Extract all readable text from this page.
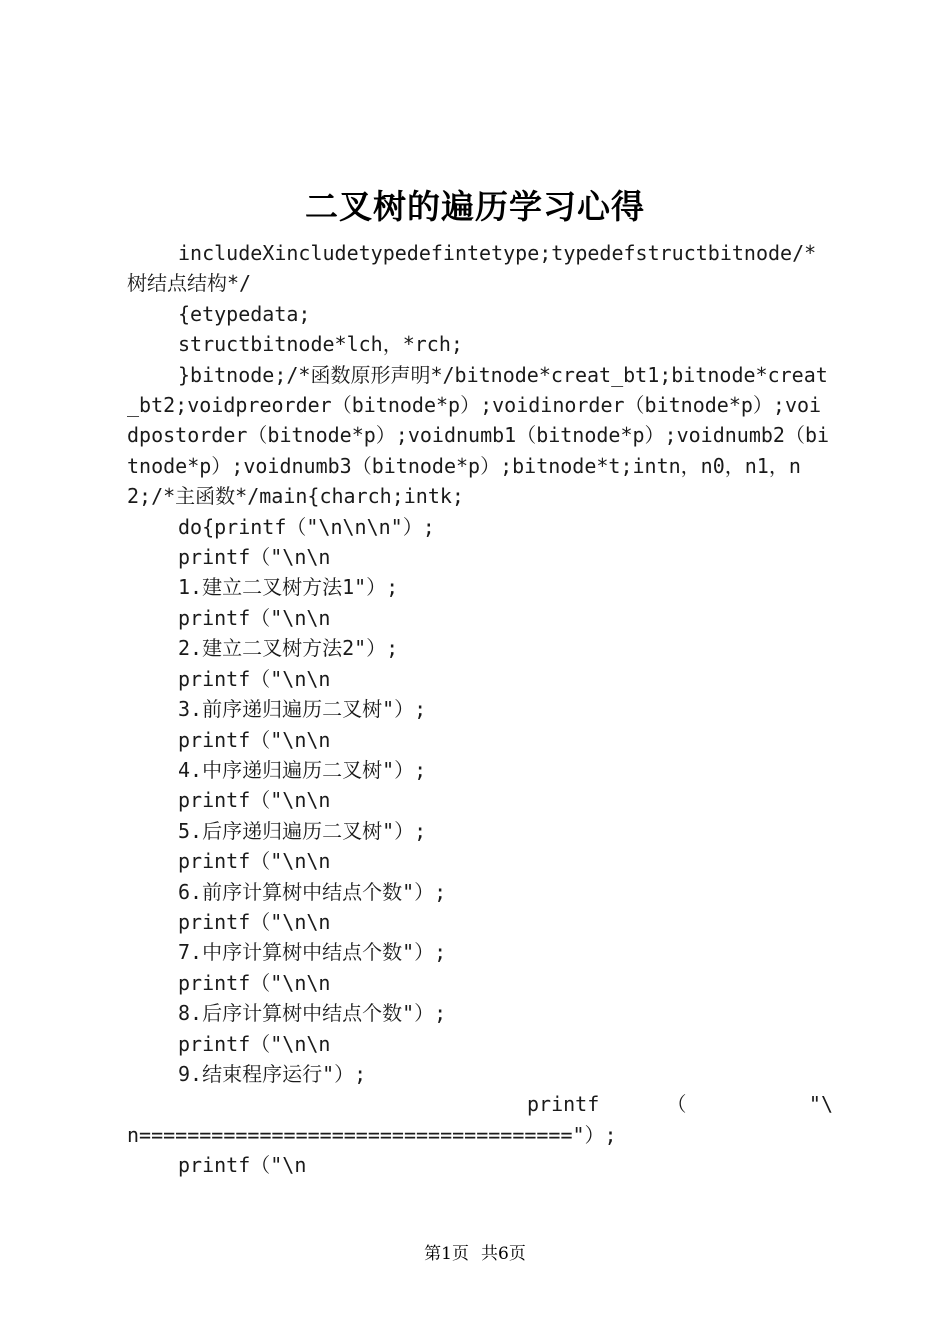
二叉树的遍历学习心得

includeXincludetypedefintetype;typedefstructbitnode/*树结点结构*/

{etypedata;

structbitnode*lch，*rch;

}bitnode;/*函数原形声明*/bitnode*creat_bt1;bitnode*creat_bt2;voidpreorder（bitnode*p）;voidinorder（bitnode*p）;voidpostorder（bitnode*p）;voidnumb1（bitnode*p）;voidnumb2（bitnode*p）;voidnumb3（bitnode*p）;bitnode*t;intn，n0，n1，n2;/*主函数*/main{charch;intk;

do{printf（"\n\n\n"）;

printf（"\n\n

1.建立二叉树方法1"）;

printf（"\n\n

2.建立二叉树方法2"）;

printf（"\n\n

3.前序递归遍历二叉树"）;

printf（"\n\n

4.中序递归遍历二叉树"）;

printf（"\n\n

5.后序递归遍历二叉树"）;

printf（"\n\n

6.前序计算树中结点个数"）;

printf（"\n\n

7.中序计算树中结点个数"）;

printf（"\n\n

8.后序计算树中结点个数"）;

printf（"\n\n

9.结束程序运行"）;

printf	（	"\

n===================================="）;

printf（"\n

第1页 共6页
